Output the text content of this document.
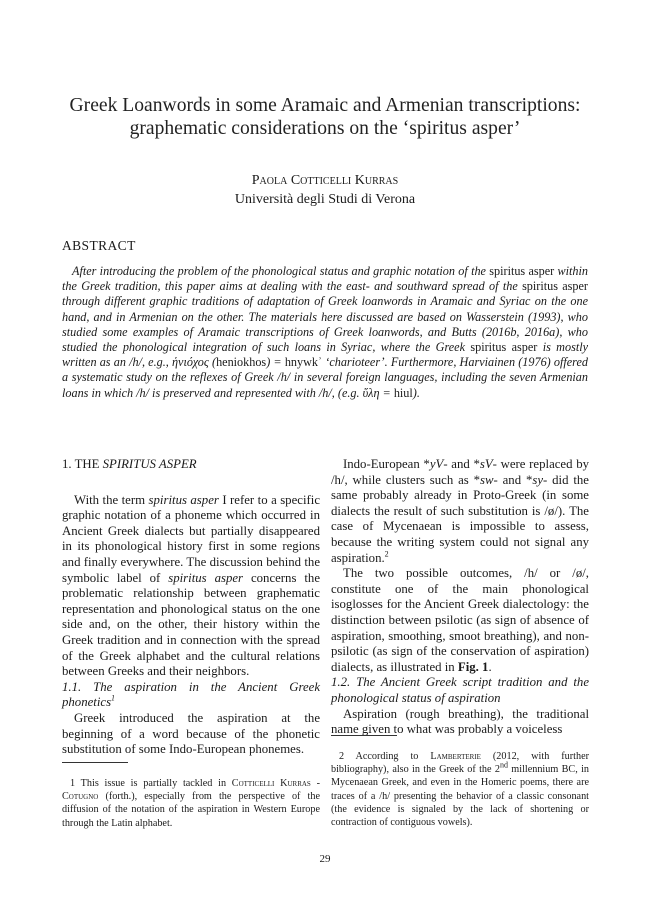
Greek Loanwords in some Aramaic and Armenian transcriptions:
graphematic considerations on the ‘spiritus asper’
Paola Cotticelli Kurras
Università degli Studi di Verona
ABSTRACT

After introducing the problem of the phonological status and graphic notation of the spiritus asper within the Greek tradition, this paper aims at dealing with the east- and southward spread of the spiritus asper through different graphic traditions of adaptation of Greek loanwords in Aramaic and Syriac on the one hand, and in Armenian on the other. The materials here discussed are based on Wasserstein (1993), who studied some examples of Aramaic transcriptions of Greek loanwords, and Butts (2016b, 2016a), who studied the phonological integration of such loans in Syriac, where the Greek spiritus asper is mostly written as an /h/, e.g., ἡνιόχος (heniokhos) = hnywkʾ ‘charioteer’. Furthermore, Harviainen (1976) offered a systematic study on the reflexes of Greek /h/ in several foreign languages, including the seven Armenian loans in which /h/ is preserved and represented with /h/, (e.g. ὕλη = hiul).

1. THE SPIRITUS ASPER

With the term spiritus asper I refer to a specific graphic notation of a phoneme which occurred in Ancient Greek dialects but partially disappeared in its phonological history first in some regions and finally everywhere. The discussion behind the symbolic label of spiritus asper concerns the problematic relationship between graphematic representation and phonological status on the one side and, on the other, their history within the Greek tradition and in connection with the spread of the Greek alphabet and the cultural relations between Greeks and their neighbors.

1.1. The aspiration in the Ancient Greek phonetics$^1$

Greek introduced the aspiration at the beginning of a word because of the phonetic substitution of some Indo-European phonemes.

Indo-European *yV- and *sV- were replaced by /h/, while clusters such as *sw- and *sy- did the same probably already in Proto-Greek (in some dialects the result of such substitution is /ø/). The case of Mycenaean is impossible to assess, because the writing system could not signal any aspiration.$^2$

The two possible outcomes, /h/ or /ø/, constitute one of the main phonological isoglosses for the Ancient Greek dialectology: the distinction between psilotic (as sign of absence of aspiration, smoothing, smoot breathing), and non-psilotic (as sign of the conservation of aspiration) dialects, as illustrated in Fig. 1.

1.2. The Ancient Greek script tradition and the phonological status of aspiration

Aspiration (rough breathing), the traditional name given to what was probably a voiceless

1 This issue is partially tackled in Cotticelli Kurras - Cotugno (forth.), especially from the perspective of the diffusion of the notation of the aspiration in Western Europe through the Latin alphabet.

2 According to Lamberterie (2012, with further bibliography), also in the Greek of the 2nd millennium BC, in Mycenaean Greek, and even in the Homeric poems, there are traces of a /h/ presenting the behavior of a classic consonant (the evidence is signaled by the lack of shortening or contraction of contiguous vowels).

29
